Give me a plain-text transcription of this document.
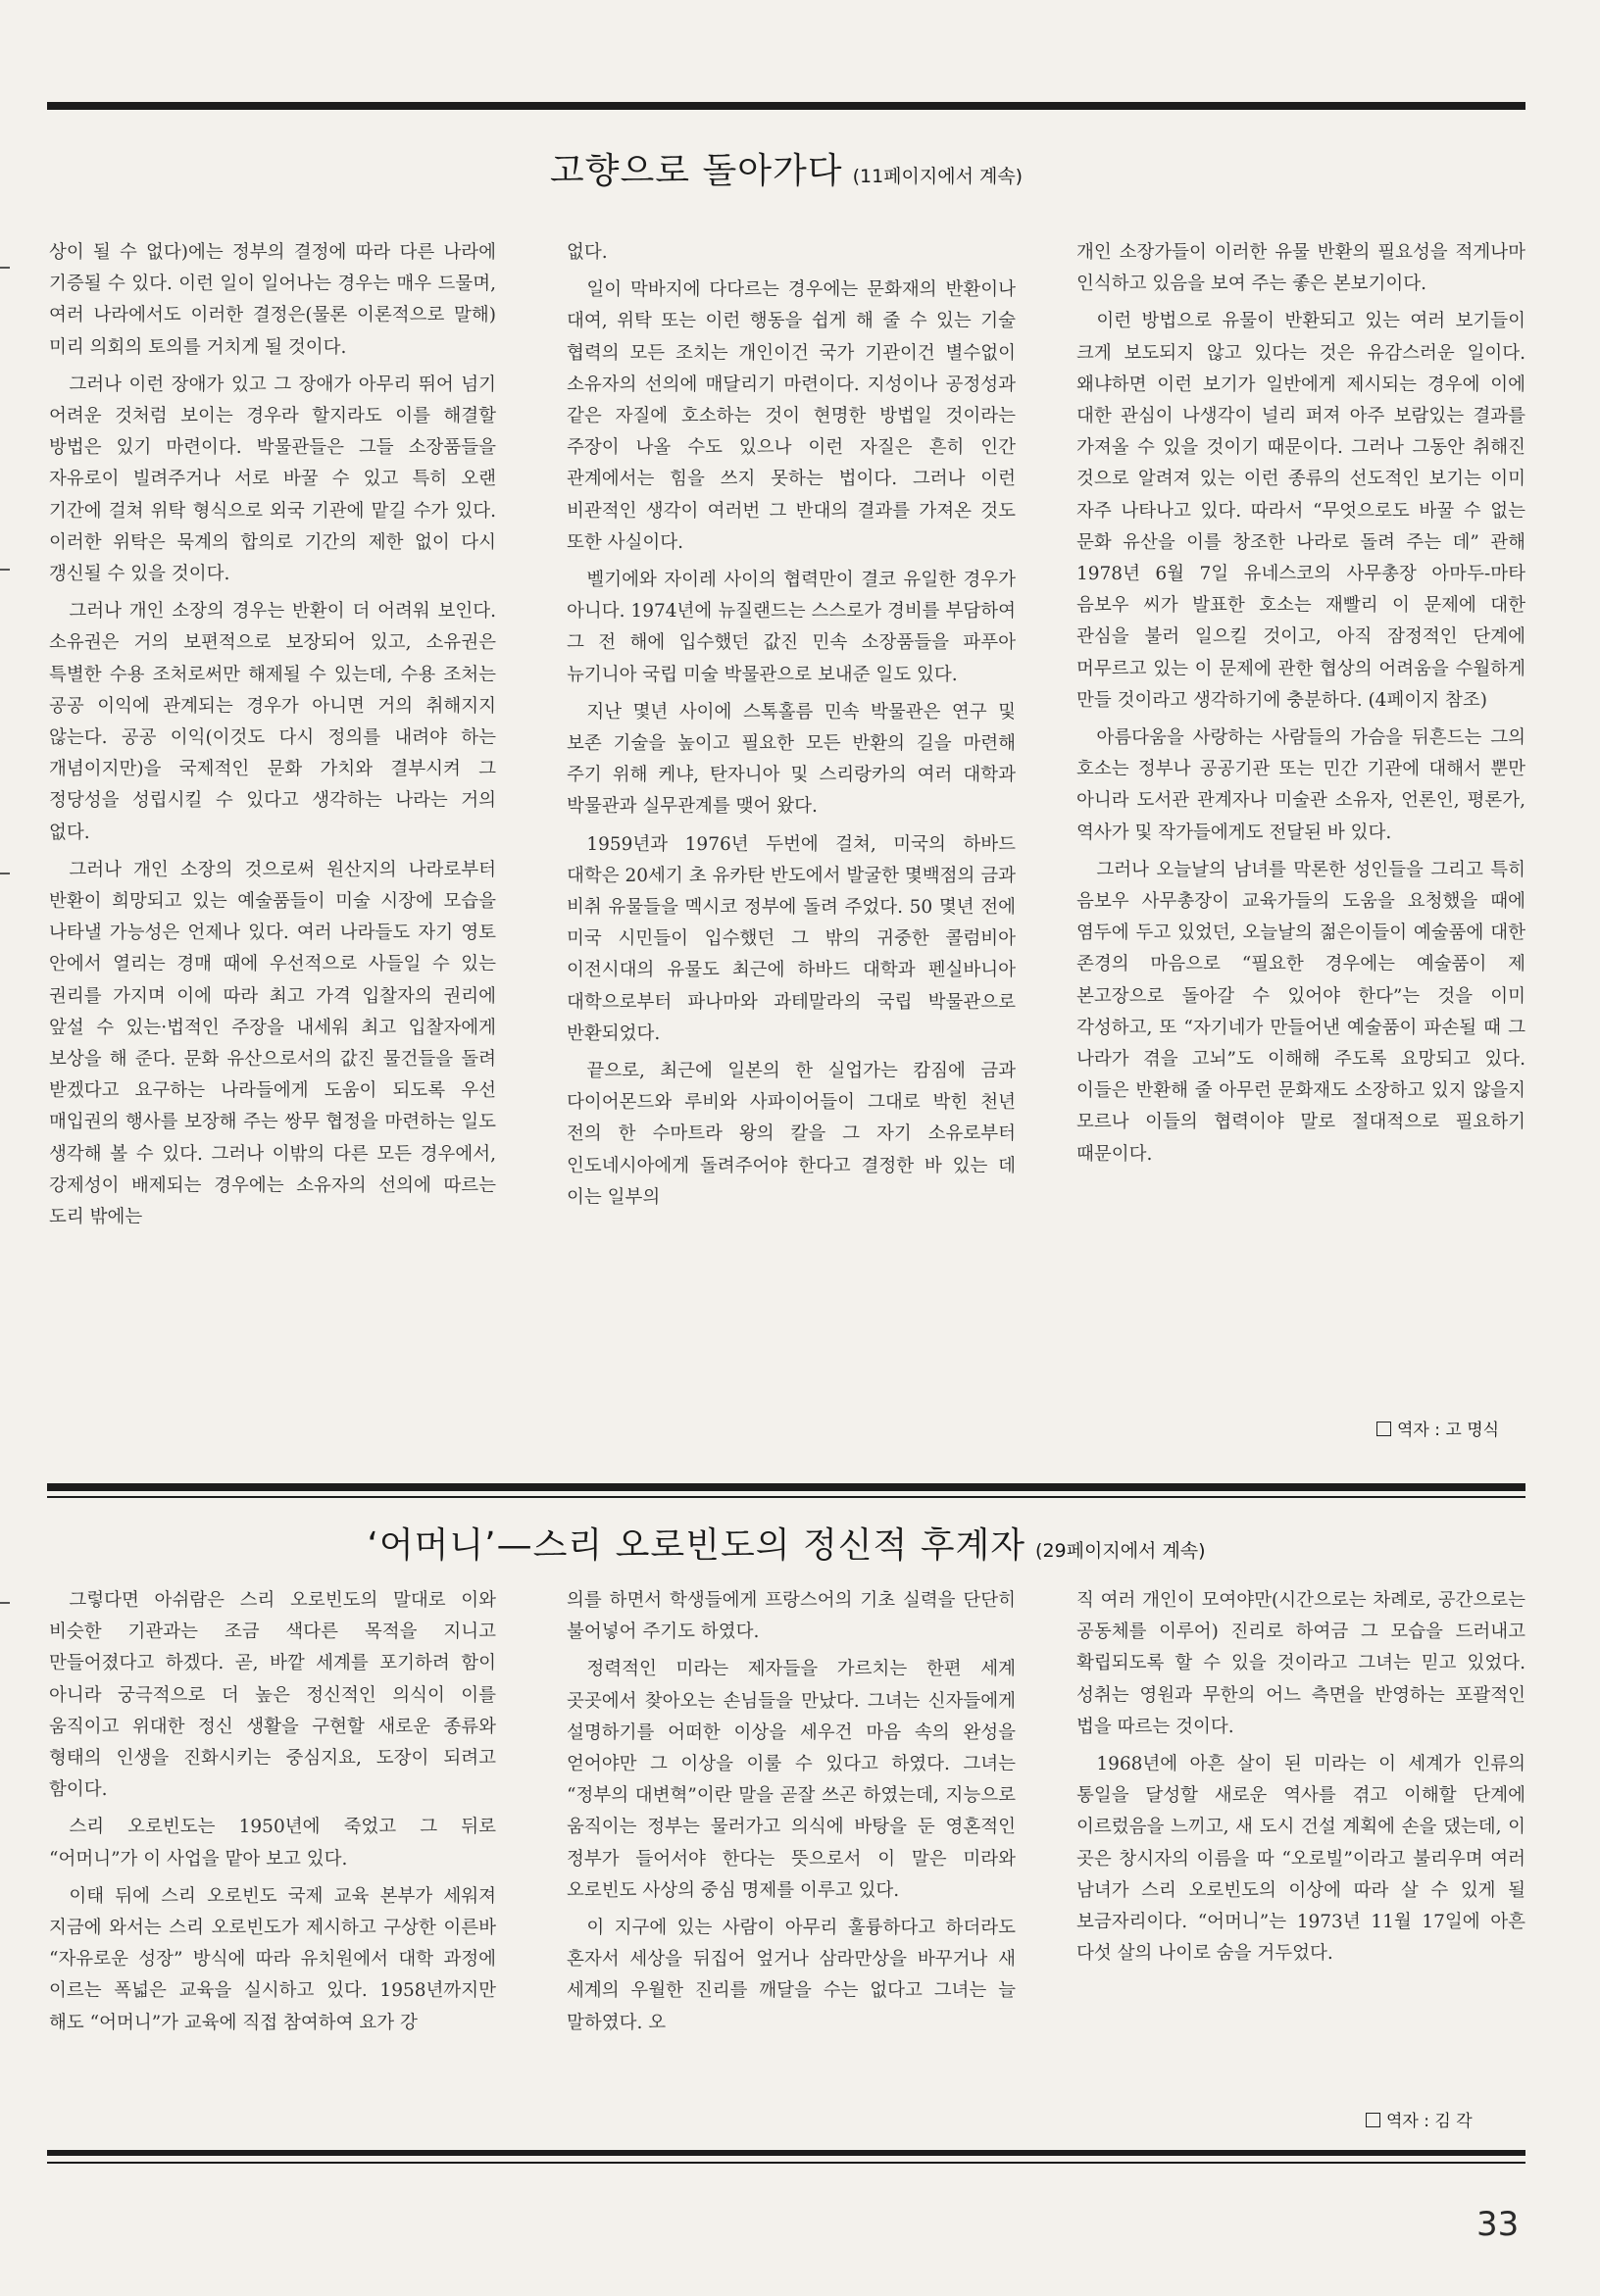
고향으로 돌아가다 (11페이지에서 계속)

상이 될 수 없다)에는 정부의 결정에 따라 다른 나라에 기증될 수 있다. 이런 일이 일어나는 경우는 매우 드물며, 여러 나라에서도 이러한 결정은(물론 이론적으로 말해) 미리 의회의 토의를 거치게 될 것이다.

그러나 이런 장애가 있고 그 장애가 아무리 뛰어 넘기 어려운 것처럼 보이는 경우라 할지라도 이를 해결할 방법은 있기 마련이다. 박물관들은 그들 소장품들을 자유로이 빌려주거나 서로 바꿀 수 있고 특히 오랜 기간에 걸쳐 위탁 형식으로 외국 기관에 맡길 수가 있다. 이러한 위탁은 묵계의 합의로 기간의 제한 없이 다시 갱신될 수 있을 것이다.

그러나 개인 소장의 경우는 반환이 더 어려워 보인다. 소유권은 거의 보편적으로 보장되어 있고, 소유권은 특별한 수용 조처로써만 해제될 수 있는데, 수용 조처는 공공 이익에 관계되는 경우가 아니면 거의 취해지지 않는다. 공공 이익(이것도 다시 정의를 내려야 하는 개념이지만)을 국제적인 문화 가치와 결부시켜 그 정당성을 성립시킬 수 있다고 생각하는 나라는 거의 없다.

그러나 개인 소장의 것으로써 원산지의 나라로부터 반환이 희망되고 있는 예술품들이 미술 시장에 모습을 나타낼 가능성은 언제나 있다. 여러 나라들도 자기 영토 안에서 열리는 경매 때에 우선적으로 사들일 수 있는 권리를 가지며 이에 따라 최고 가격 입찰자의 권리에 앞설 수 있는·법적인 주장을 내세워 최고 입찰자에게 보상을 해 준다. 문화 유산으로서의 값진 물건들을 돌려 받겠다고 요구하는 나라들에게 도움이 되도록 우선 매입권의 행사를 보장해 주는 쌍무 협정을 마련하는 일도 생각해 볼 수 있다. 그러나 이밖의 다른 모든 경우에서, 강제성이 배제되는 경우에는 소유자의 선의에 따르는 도리 밖에는

없다.

일이 막바지에 다다르는 경우에는 문화재의 반환이나 대여, 위탁 또는 이런 행동을 쉽게 해 줄 수 있는 기술 협력의 모든 조치는 개인이건 국가 기관이건 별수없이 소유자의 선의에 매달리기 마련이다. 지성이나 공정성과 같은 자질에 호소하는 것이 현명한 방법일 것이라는 주장이 나올 수도 있으나 이런 자질은 흔히 인간 관계에서는 힘을 쓰지 못하는 법이다. 그러나 이런 비관적인 생각이 여러번 그 반대의 결과를 가져온 것도 또한 사실이다.

벨기에와 자이레 사이의 협력만이 결코 유일한 경우가 아니다. 1974년에 뉴질랜드는 스스로가 경비를 부담하여 그 전 해에 입수했던 값진 민속 소장품들을 파푸아 뉴기니아 국립 미술 박물관으로 보내준 일도 있다.

지난 몇년 사이에 스톡홀름 민속 박물관은 연구 및 보존 기술을 높이고 필요한 모든 반환의 길을 마련해 주기 위해 케냐, 탄자니아 및 스리랑카의 여러 대학과 박물관과 실무관계를 맺어 왔다.

1959년과 1976년 두번에 걸쳐, 미국의 하바드 대학은 20세기 초 유카탄 반도에서 발굴한 몇백점의 금과 비취 유물들을 멕시코 정부에 돌려 주었다. 50 몇년 전에 미국 시민들이 입수했던 그 밖의 귀중한 콜럼비아 이전시대의 유물도 최근에 하바드 대학과 펜실바니아 대학으로부터 파나마와 과테말라의 국립 박물관으로 반환되었다.

끝으로, 최근에 일본의 한 실업가는 캄짐에 금과 다이어몬드와 루비와 사파이어들이 그대로 박힌 천년 전의 한 수마트라 왕의 칼을 그 자기 소유로부터 인도네시아에게 돌려주어야 한다고 결정한 바 있는 데 이는 일부의

개인 소장가들이 이러한 유물 반환의 필요성을 적게나마 인식하고 있음을 보여 주는 좋은 본보기이다.

이런 방법으로 유물이 반환되고 있는 여러 보기들이 크게 보도되지 않고 있다는 것은 유감스러운 일이다. 왜냐하면 이런 보기가 일반에게 제시되는 경우에 이에 대한 관심이 나생각이 널리 퍼져 아주 보람있는 결과를 가져올 수 있을 것이기 때문이다. 그러나 그동안 취해진 것으로 알려져 있는 이런 종류의 선도적인 보기는 이미 자주 나타나고 있다. 따라서 “무엇으로도 바꿀 수 없는 문화 유산을 이를 창조한 나라로 돌려 주는 데” 관해 1978년 6월 7일 유네스코의 사무총장 아마두-마타 음보우 씨가 발표한 호소는 재빨리 이 문제에 대한 관심을 불러 일으킬 것이고, 아직 잠정적인 단계에 머무르고 있는 이 문제에 관한 협상의 어려움을 수월하게 만들 것이라고 생각하기에 충분하다. (4페이지 참조)

아름다움을 사랑하는 사람들의 가슴을 뒤흔드는 그의 호소는 정부나 공공기관 또는 민간 기관에 대해서 뿐만 아니라 도서관 관계자나 미술관 소유자, 언론인, 평론가, 역사가 및 작가들에게도 전달된 바 있다.

그러나 오늘날의 남녀를 막론한 성인들을 그리고 특히 음보우 사무총장이 교육가들의 도움을 요청했을 때에 염두에 두고 있었던, 오늘날의 젊은이들이 예술품에 대한 존경의 마음으로 “필요한 경우에는 예술품이 제 본고장으로 돌아갈 수 있어야 한다”는 것을 이미 각성하고, 또 “자기네가 만들어낸 예술품이 파손될 때 그 나라가 겪을 고뇌”도 이해해 주도록 요망되고 있다. 이들은 반환해 줄 아무런 문화재도 소장하고 있지 않을지 모르나 이들의 협력이야 말로 절대적으로 필요하기 때문이다.

역자 : 고 명식
‘어머니’—스리 오로빈도의 정신적 후계자 (29페이지에서 계속)

그렇다면 아쉬람은 스리 오로빈도의 말대로 이와 비슷한 기관과는 조금 색다른 목적을 지니고 만들어졌다고 하겠다. 곧, 바깥 세계를 포기하려 함이 아니라 궁극적으로 더 높은 정신적인 의식이 이를 움직이고 위대한 정신 생활을 구현할 새로운 종류와 형태의 인생을 진화시키는 중심지요, 도장이 되려고 함이다.

스리 오로빈도는 1950년에 죽었고 그 뒤로 “어머니”가 이 사업을 맡아 보고 있다.

이태 뒤에 스리 오로빈도 국제 교육 본부가 세워져 지금에 와서는 스리 오로빈도가 제시하고 구상한 이른바 “자유로운 성장” 방식에 따라 유치원에서 대학 과정에 이르는 폭넓은 교육을 실시하고 있다. 1958년까지만 해도 “어머니”가 교육에 직접 참여하여 요가 강

의를 하면서 학생들에게 프랑스어의 기초 실력을 단단히 불어넣어 주기도 하였다.

정력적인 미라는 제자들을 가르치는 한편 세계 곳곳에서 찾아오는 손님들을 만났다. 그녀는 신자들에게 설명하기를 어떠한 이상을 세우건 마음 속의 완성을 얻어야만 그 이상을 이룰 수 있다고 하였다. 그녀는 “정부의 대변혁”이란 말을 곧잘 쓰곤 하였는데, 지능으로 움직이는 정부는 물러가고 의식에 바탕을 둔 영혼적인 정부가 들어서야 한다는 뜻으로서 이 말은 미라와 오로빈도 사상의 중심 명제를 이루고 있다.

이 지구에 있는 사람이 아무리 훌륭하다고 하더라도 혼자서 세상을 뒤집어 엎거나 삼라만상을 바꾸거나 새 세계의 우월한 진리를 깨달을 수는 없다고 그녀는 늘 말하였다. 오

직 여러 개인이 모여야만(시간으로는 차례로, 공간으로는 공동체를 이루어) 진리로 하여금 그 모습을 드러내고 확립되도록 할 수 있을 것이라고 그녀는 믿고 있었다. 성취는 영원과 무한의 어느 측면을 반영하는 포괄적인 법을 따르는 것이다.

1968년에 아흔 살이 된 미라는 이 세계가 인류의 통일을 달성할 새로운 역사를 겪고 이해할 단계에 이르렀음을 느끼고, 새 도시 건설 계획에 손을 댔는데, 이 곳은 창시자의 이름을 따 “오로빌”이라고 불리우며 여러 남녀가 스리 오로빈도의 이상에 따라 살 수 있게 될 보금자리이다. “어머니”는 1973년 11월 17일에 아흔 다섯 살의 나이로 숨을 거두었다.

역자 : 김 각
33
